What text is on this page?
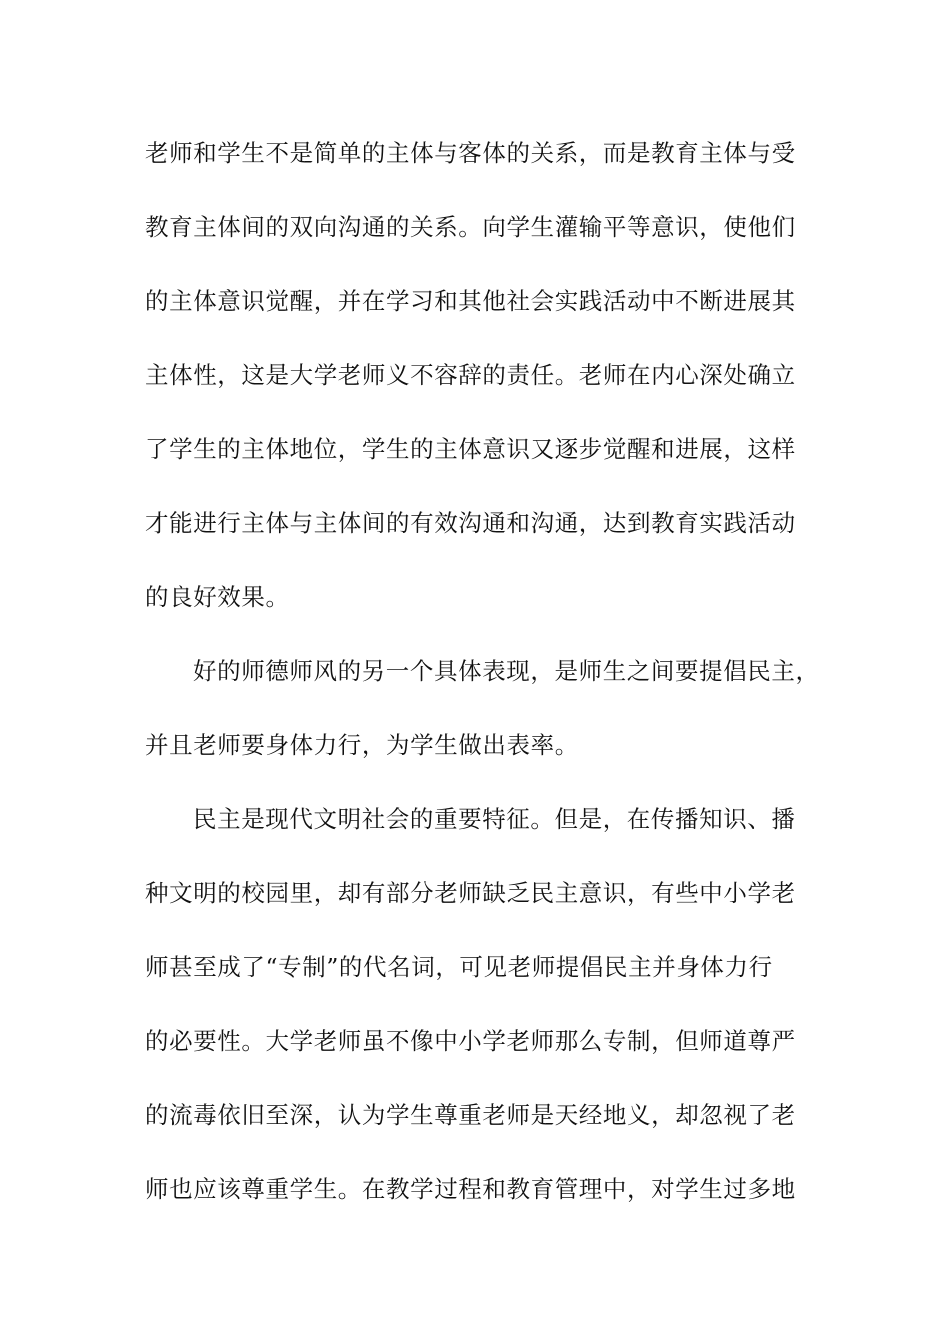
老师和学生不是简单的主体与客体的关系，而是教育主体与受
教育主体间的双向沟通的关系。向学生灌输平等意识，使他们
的主体意识觉醒，并在学习和其他社会实践活动中不断进展其
主体性，这是大学老师义不容辞的责任。老师在内心深处确立
了学生的主体地位，学生的主体意识又逐步觉醒和进展，这样
才能进行主体与主体间的有效沟通和沟通，达到教育实践活动
的良好效果。
好的师德师风的另一个具体表现，是师生之间要提倡民主，
并且老师要身体力行，为学生做出表率。
民主是现代文明社会的重要特征。但是，在传播知识、播
种文明的校园里，却有部分老师缺乏民主意识，有些中小学老
师甚至成了“专制”的代名词，可见老师提倡民主并身体力行
的必要性。大学老师虽不像中小学老师那么专制，但师道尊严
的流毒依旧至深，认为学生尊重老师是天经地义，却忽视了老
师也应该尊重学生。在教学过程和教育管理中，对学生过多地
